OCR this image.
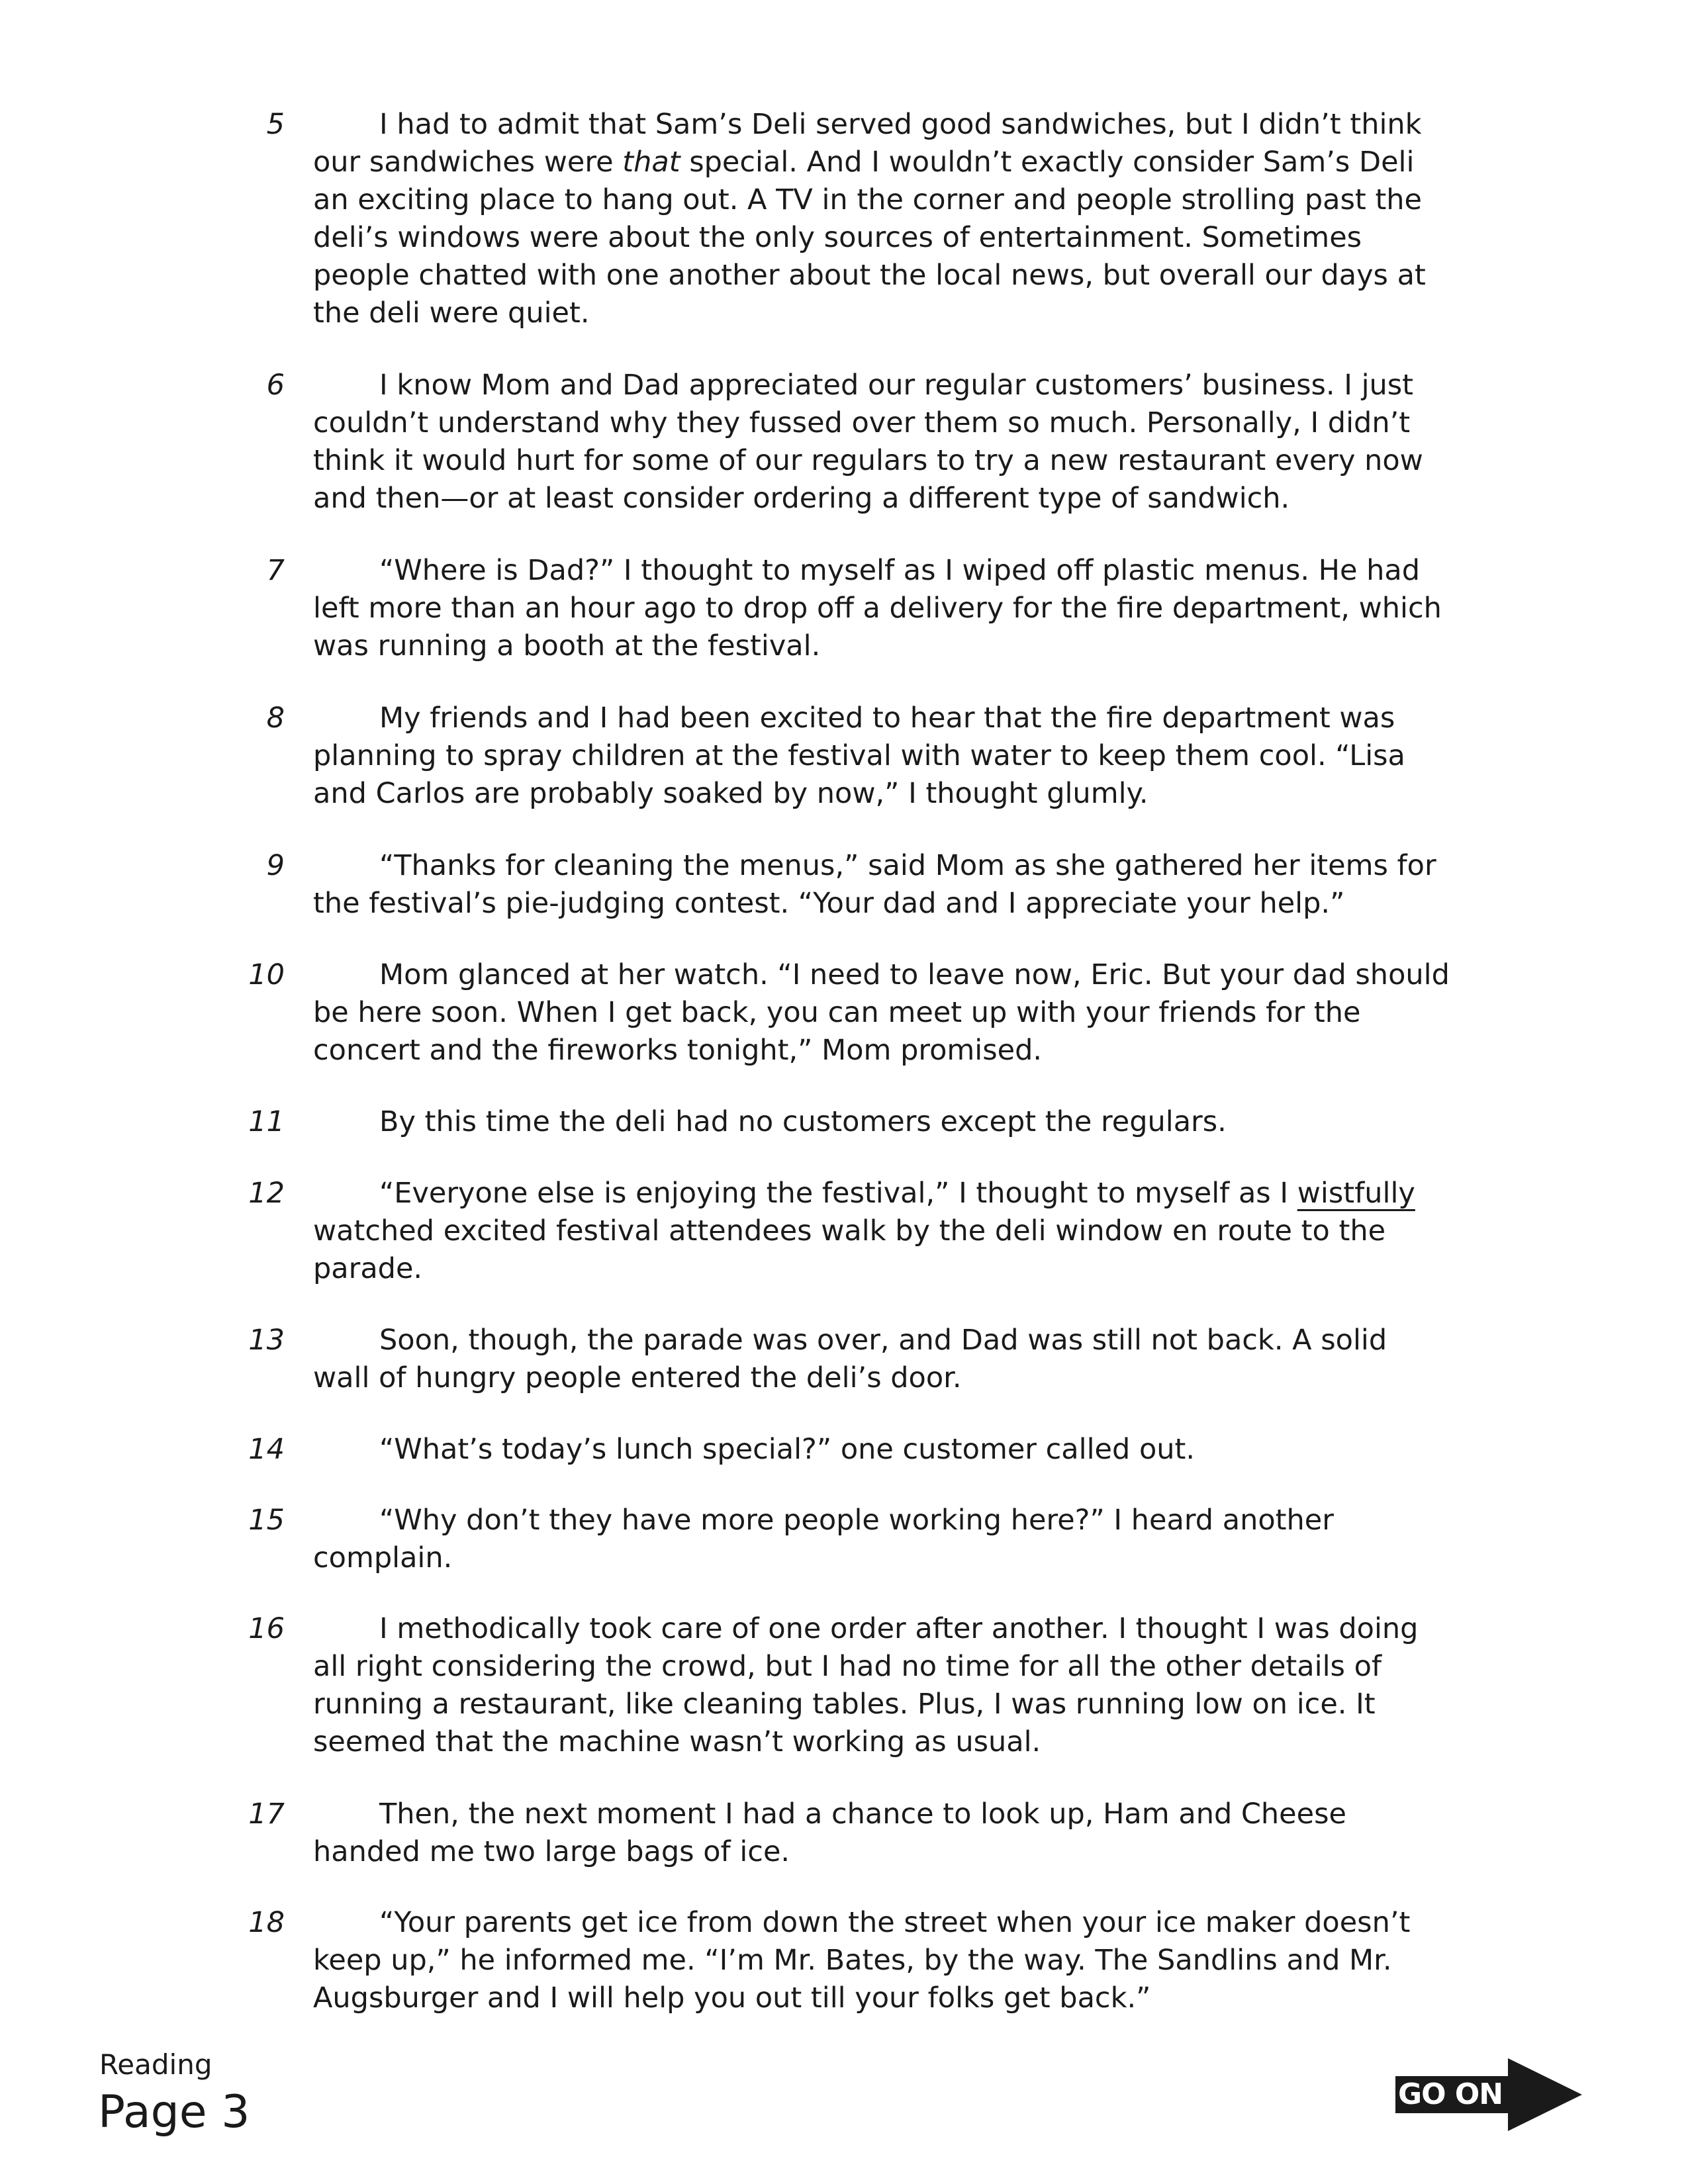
5	I had to admit that Sam’s Deli served good sandwiches, but I didn’t think our sandwiches were that special. And I wouldn’t exactly consider Sam’s Deli an exciting place to hang out. A TV in the corner and people strolling past the deli’s windows were about the only sources of entertainment. Sometimes people chatted with one another about the local news, but overall our days at the deli were quiet.

6	I know Mom and Dad appreciated our regular customers’ business. I just couldn’t understand why they fussed over them so much. Personally, I didn’t think it would hurt for some of our regulars to try a new restaurant every now and then—or at least consider ordering a different type of sandwich.

7	“Where is Dad?” I thought to myself as I wiped off plastic menus. He had left more than an hour ago to drop off a delivery for the fire department, which was running a booth at the festival.

8	My friends and I had been excited to hear that the fire department was planning to spray children at the festival with water to keep them cool. “Lisa and Carlos are probably soaked by now,” I thought glumly.

9	“Thanks for cleaning the menus,” said Mom as she gathered her items for the festival’s pie-judging contest. “Your dad and I appreciate your help.”

10	Mom glanced at her watch. “I need to leave now, Eric. But your dad should be here soon. When I get back, you can meet up with your friends for the concert and the fireworks tonight,” Mom promised.

11	By this time the deli had no customers except the regulars.

12	“Everyone else is enjoying the festival,” I thought to myself as I wistfully watched excited festival attendees walk by the deli window en route to the parade.

13	Soon, though, the parade was over, and Dad was still not back. A solid wall of hungry people entered the deli’s door.

14	“What’s today’s lunch special?” one customer called out.

15	“Why don’t they have more people working here?” I heard another complain.

16	I methodically took care of one order after another. I thought I was doing all right considering the crowd, but I had no time for all the other details of running a restaurant, like cleaning tables. Plus, I was running low on ice. It seemed that the machine wasn’t working as usual.

17	Then, the next moment I had a chance to look up, Ham and Cheese handed me two large bags of ice.

18	“Your parents get ice from down the street when your ice maker doesn’t keep up,” he informed me. “I’m Mr. Bates, by the way. The Sandlins and Mr. Augsburger and I will help you out till your folks get back.”

Reading
Page 3	GO ON
